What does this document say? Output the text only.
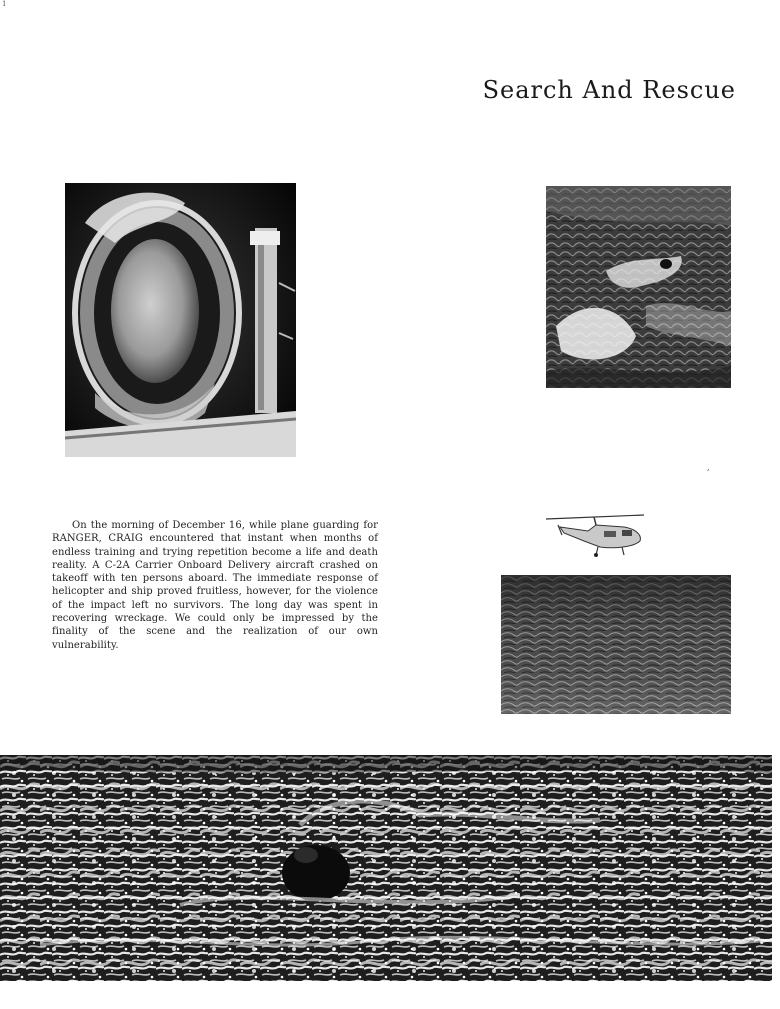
1
Search And Rescue
On the morning of December 16, while plane guarding for RANGER, CRAIG encountered that instant when months of endless training and trying repetition become a life and death reality. A C-2A Carrier Onboard Delivery aircraft crashed on takeoff with ten persons aboard. The immediate response of helicopter and ship proved fruitless, however, for the violence of the impact left no survivors. The long day was spent in recovering wreckage. We could only be impressed by the finality of the scene and the realization of our own vulnerability.
,
